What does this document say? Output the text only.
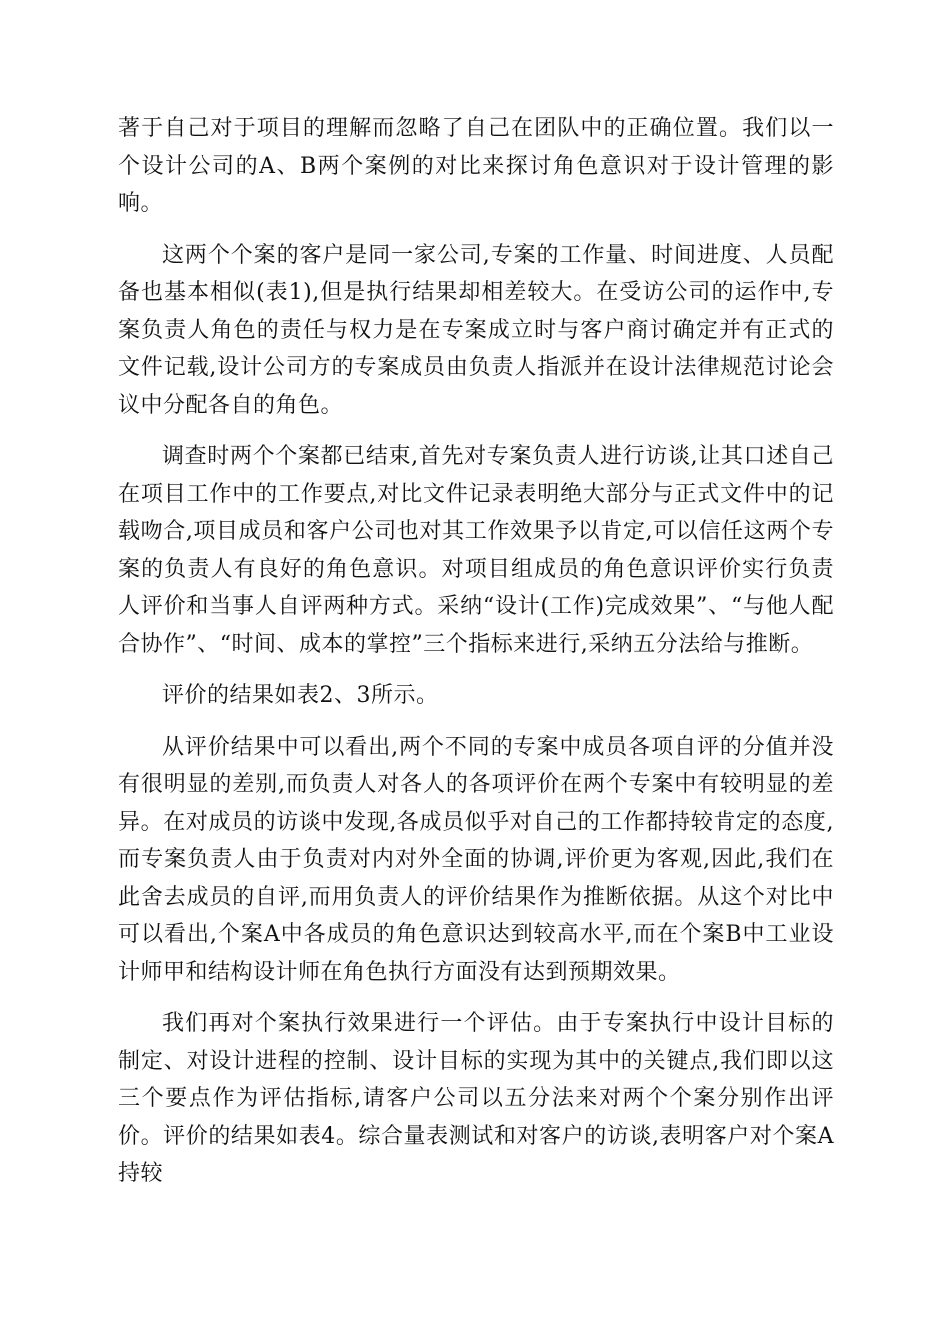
著于自己对于项目的理解而忽略了自己在团队中的正确位置。我们以一个设计公司的A、B两个案例的对比来探讨角色意识对于设计管理的影响。

这两个个案的客户是同一家公司,专案的工作量、时间进度、人员配备也基本相似(表1),但是执行结果却相差较大。在受访公司的运作中,专案负责人角色的责任与权力是在专案成立时与客户商讨确定并有正式的文件记载,设计公司方的专案成员由负责人指派并在设计法律规范讨论会议中分配各自的角色。

调查时两个个案都已结束,首先对专案负责人进行访谈,让其口述自己在项目工作中的工作要点,对比文件记录表明绝大部分与正式文件中的记载吻合,项目成员和客户公司也对其工作效果予以肯定,可以信任这两个专案的负责人有良好的角色意识。对项目组成员的角色意识评价实行负责人评价和当事人自评两种方式。采纳“设计(工作)完成效果”、“与他人配合协作”、“时间、成本的掌控”三个指标来进行,采纳五分法给与推断。

评价的结果如表2、3所示。

从评价结果中可以看出,两个不同的专案中成员各项自评的分值并没有很明显的差别,而负责人对各人的各项评价在两个专案中有较明显的差异。在对成员的访谈中发现,各成员似乎对自己的工作都持较肯定的态度,而专案负责人由于负责对内对外全面的协调,评价更为客观,因此,我们在此舍去成员的自评,而用负责人的评价结果作为推断依据。从这个对比中可以看出,个案A中各成员的角色意识达到较高水平,而在个案B中工业设计师甲和结构设计师在角色执行方面没有达到预期效果。

我们再对个案执行效果进行一个评估。由于专案执行中设计目标的制定、对设计进程的控制、设计目标的实现为其中的关键点,我们即以这三个要点作为评估指标,请客户公司以五分法来对两个个案分别作出评价。评价的结果如表4。综合量表测试和对客户的访谈,表明客户对个案A持较
